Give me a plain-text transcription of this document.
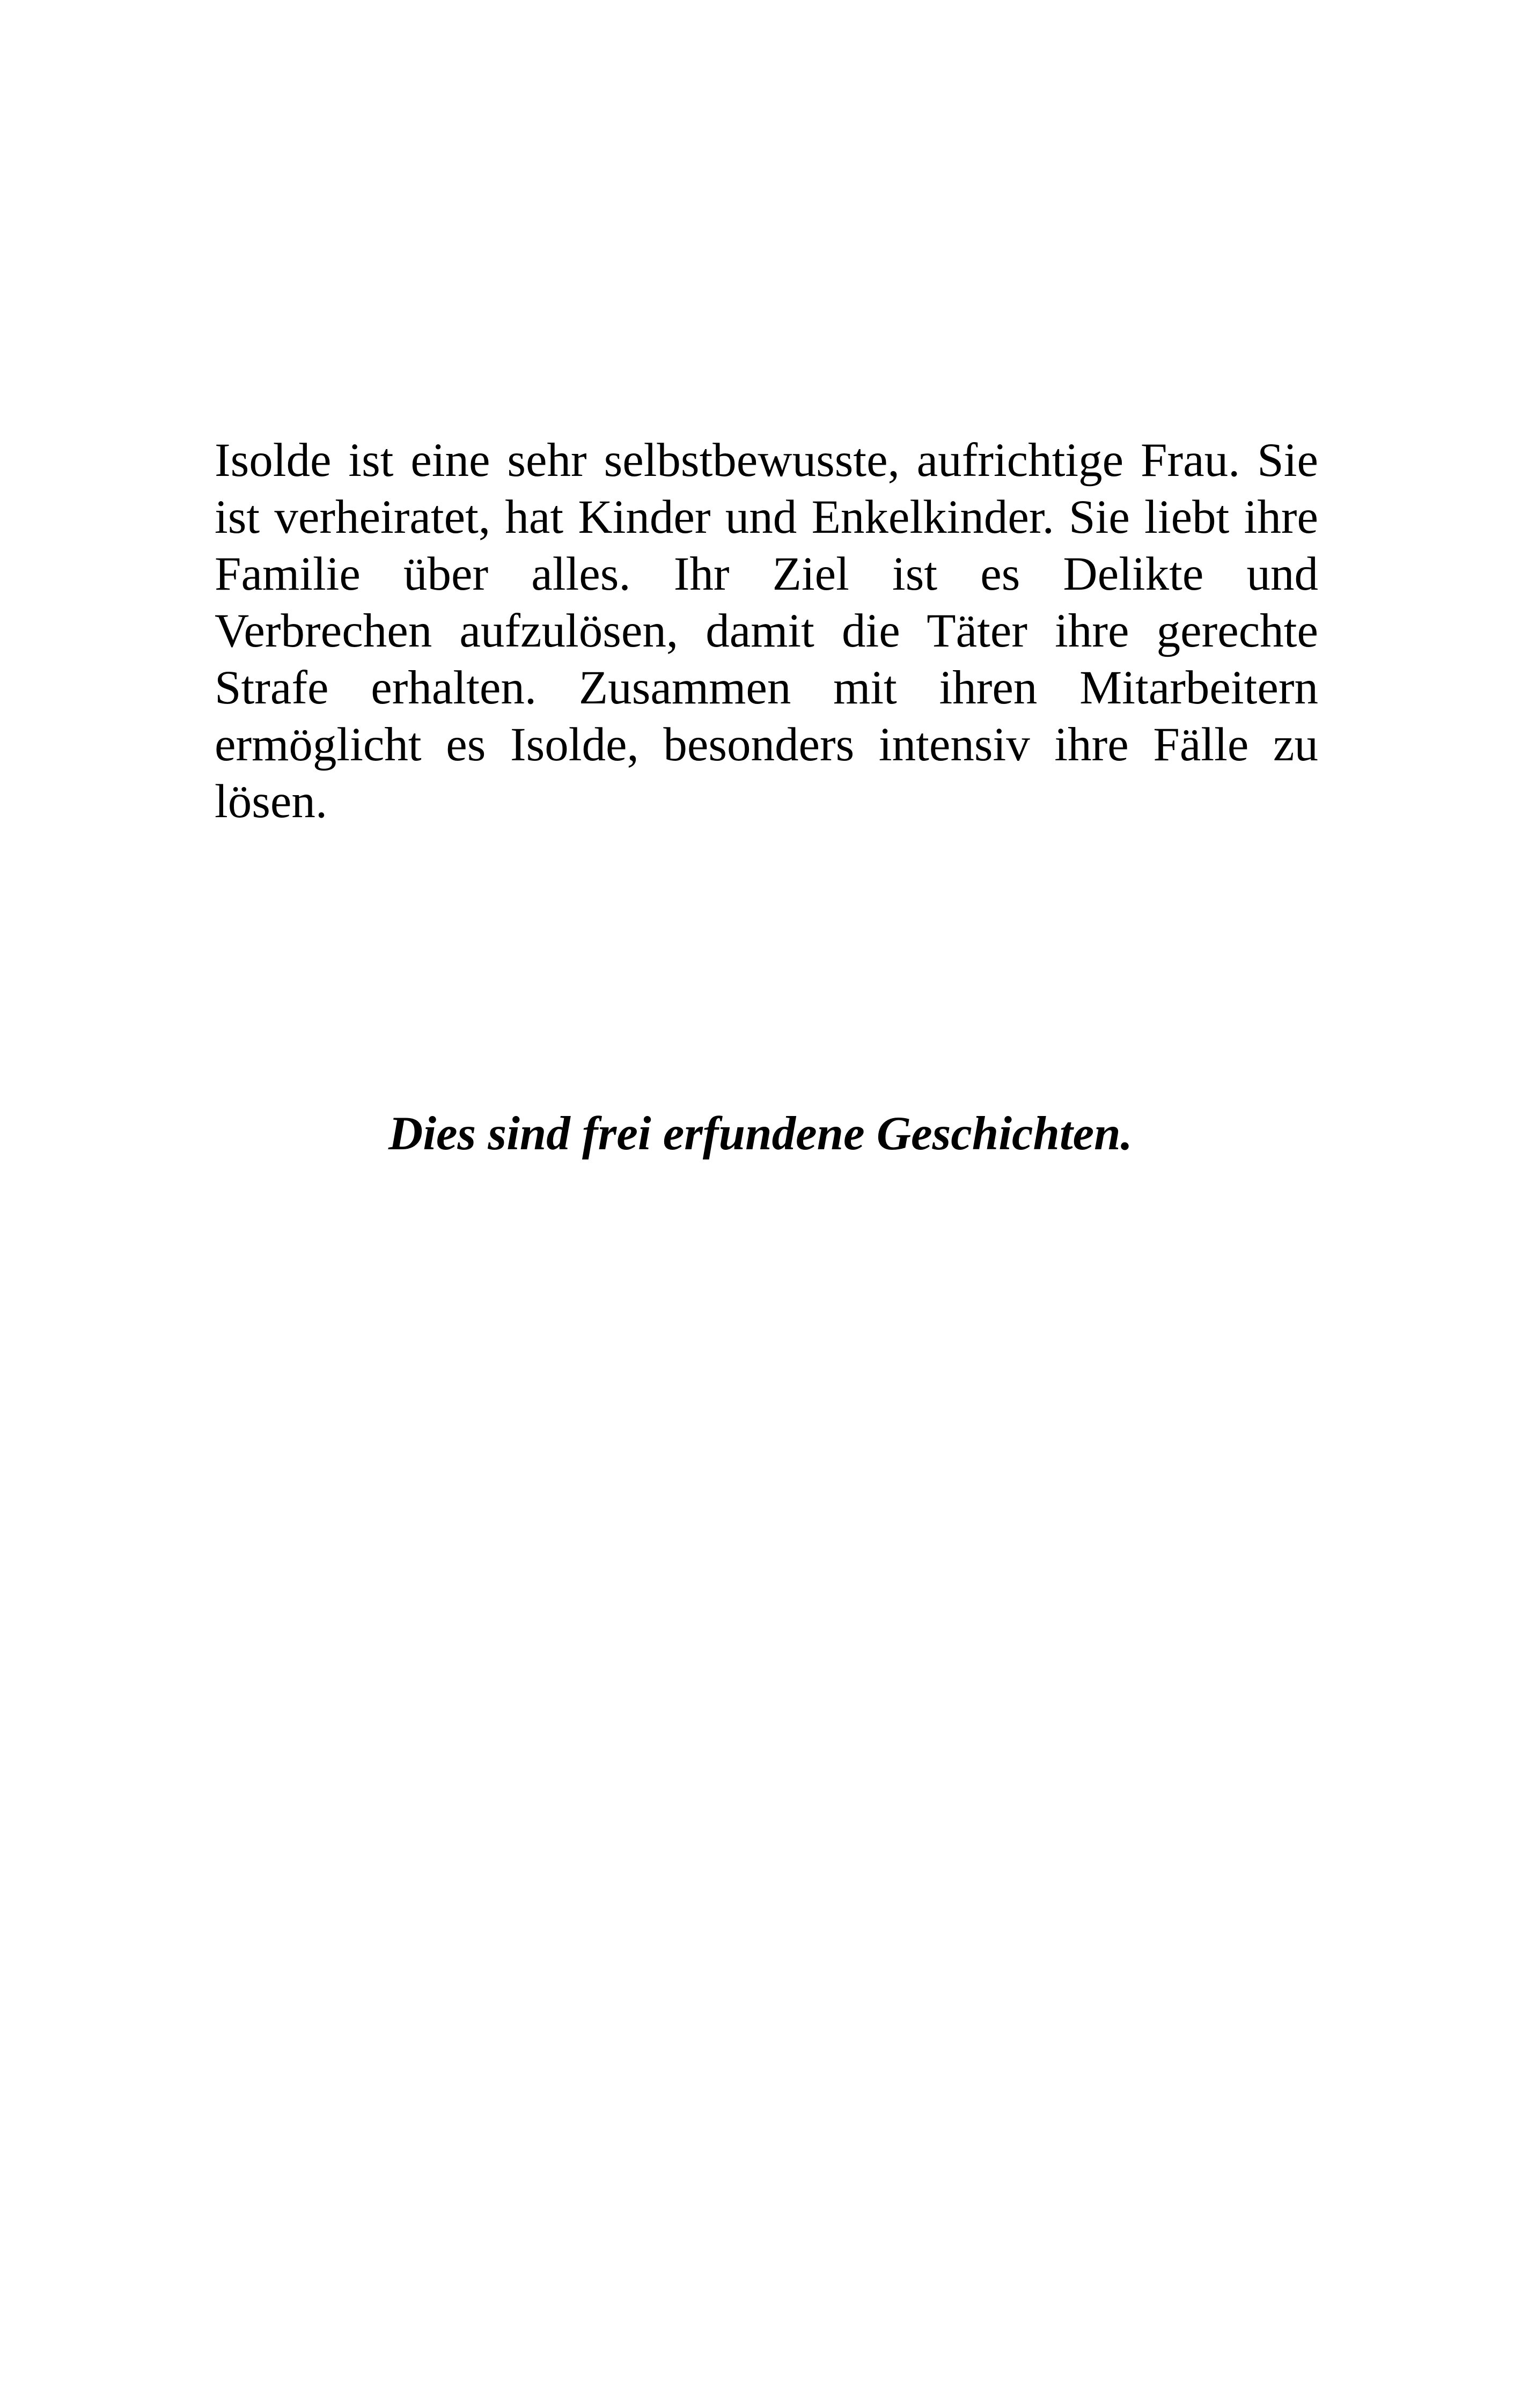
Isolde ist eine sehr selbstbewusste, aufrichtige Frau. Sie
ist verheiratet, hat Kinder und Enkelkinder. Sie liebt ihre
Familie über alles. Ihr Ziel ist es Delikte und
Verbrechen aufzulösen, damit die Täter ihre gerechte
Strafe erhalten. Zusammen mit ihren Mitarbeitern
ermöglicht es Isolde, besonders intensiv ihre Fälle zu
lösen.

Dies sind frei erfundene Geschichten.
